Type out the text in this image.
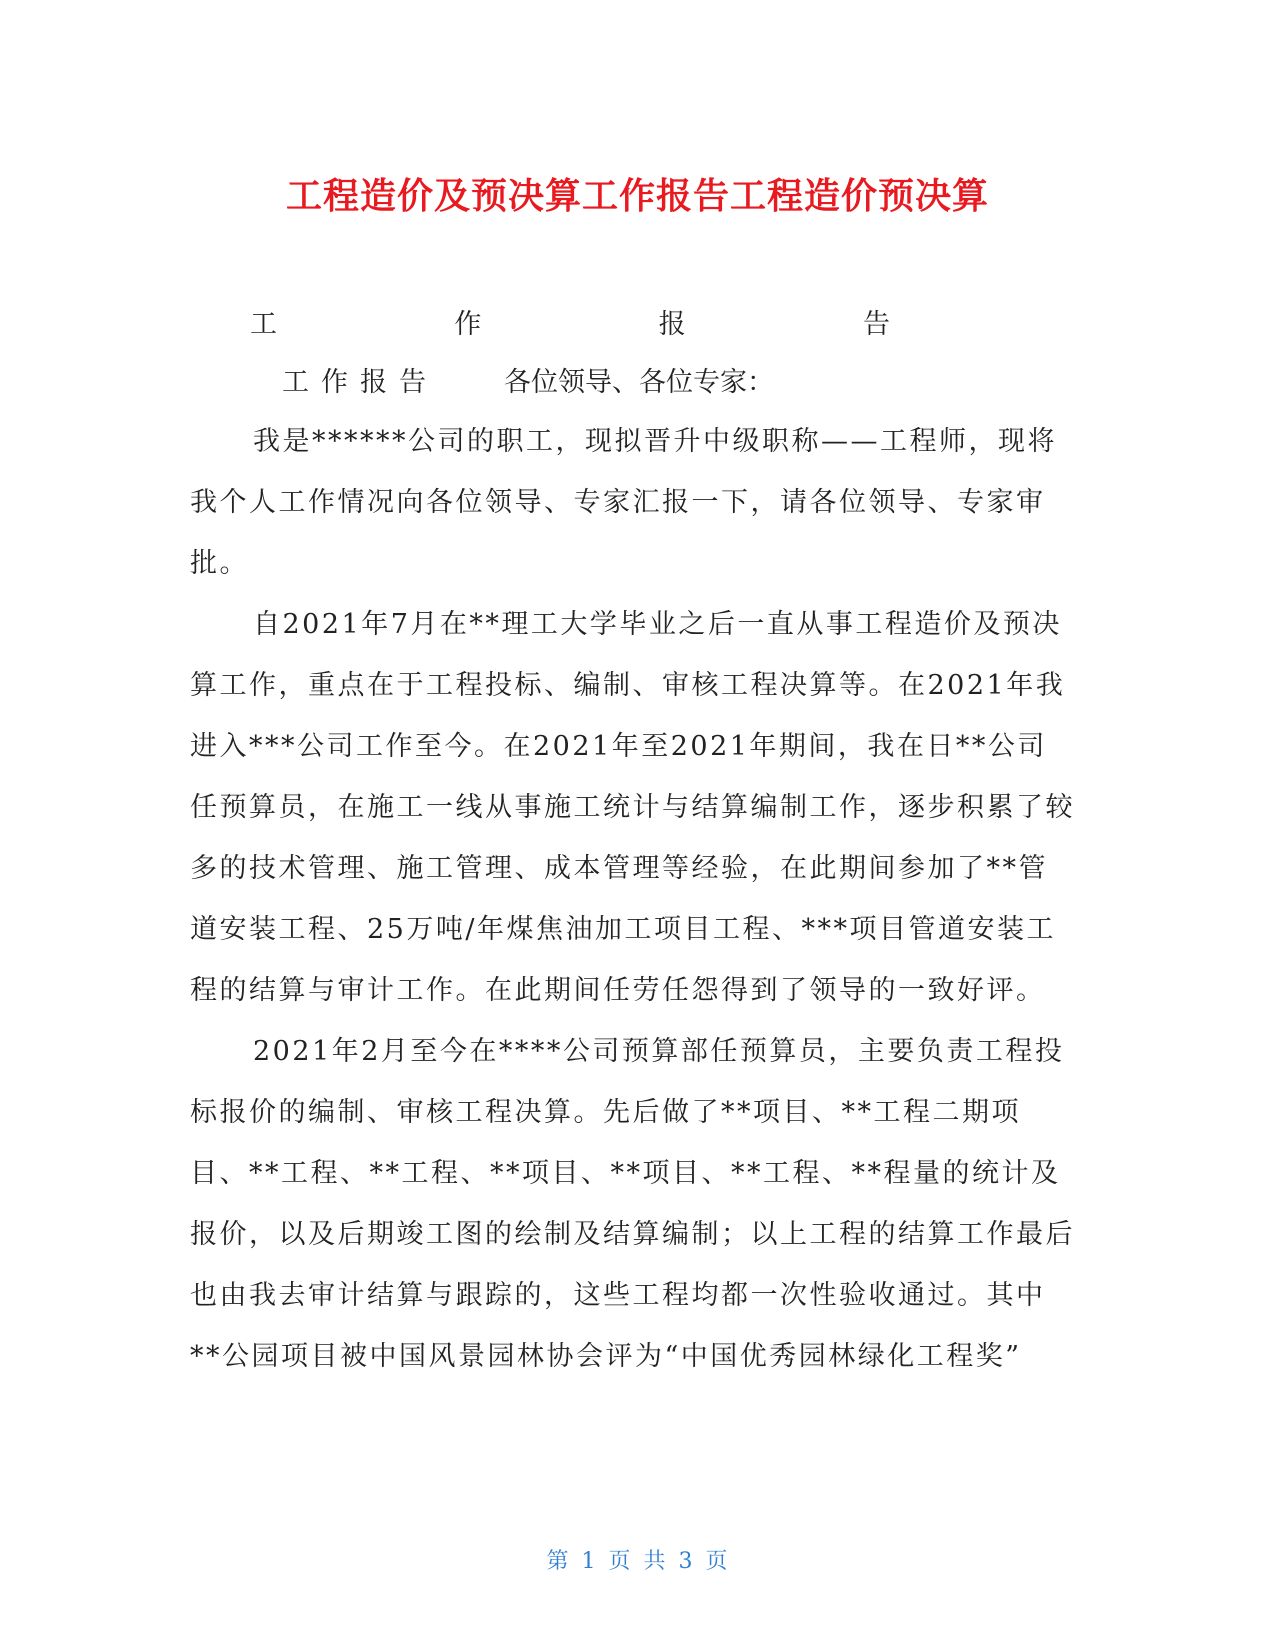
工程造价及预决算工作报告工程造价预决算
工	作	报	告
工作报告 各位领导、各位专家：

我是******公司的职工，现拟晋升中级职称——工程师，现将我个人工作情况向各位领导、专家汇报一下，请各位领导、专家审批。

自2021年7月在**理工大学毕业之后一直从事工程造价及预决算工作，重点在于工程投标、编制、审核工程决算等。在2021年我进入***公司工作至今。在2021年至2021年期间，我在日**公司任预算员，在施工一线从事施工统计与结算编制工作，逐步积累了较多的技术管理、施工管理、成本管理等经验，在此期间参加了**管道安装工程、25万吨/年煤焦油加工项目工程、***项目管道安装工程的结算与审计工作。在此期间任劳任怨得到了领导的一致好评。

2021年2月至今在****公司预算部任预算员，主要负责工程投标报价的编制、审核工程决算。先后做了**项目、**工程二期项目、**工程、**工程、**项目、**项目、**工程、**程量的统计及报价，以及后期竣工图的绘制及结算编制；以上工程的结算工作最后也由我去审计结算与跟踪的，这些工程均都一次性验收通过。其中**公园项目被中国风景园林协会评为“中国优秀园林绿化工程奖”

第 1 页 共 3 页
